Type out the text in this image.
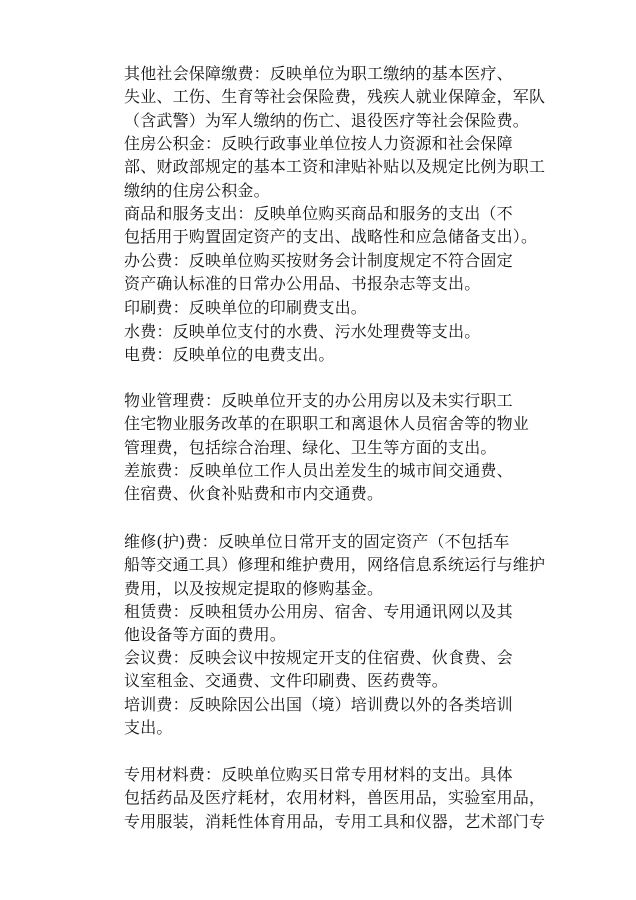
其他社会保障缴费：反映单位为职工缴纳的基本医疗、
失业、工伤、生育等社会保险费，残疾人就业保障金，军队
（含武警）为军人缴纳的伤亡、退役医疗等社会保险费。

住房公积金：反映行政事业单位按人力资源和社会保障
部、财政部规定的基本工资和津贴补贴以及规定比例为职工
缴纳的住房公积金。

商品和服务支出：反映单位购买商品和服务的支出（不
包括用于购置固定资产的支出、战略性和应急储备支出）。

办公费：反映单位购买按财务会计制度规定不符合固定
资产确认标准的日常办公用品、书报杂志等支出。

印刷费：反映单位的印刷费支出。

水费：反映单位支付的水费、污水处理费等支出。

电费：反映单位的电费支出。

物业管理费：反映单位开支的办公用房以及未实行职工
住宅物业服务改革的在职职工和离退休人员宿舍等的物业
管理费，包括综合治理、绿化、卫生等方面的支出。

差旅费：反映单位工作人员出差发生的城市间交通费、
住宿费、伙食补贴费和市内交通费。

维修(护)费：反映单位日常开支的固定资产（不包括车
船等交通工具）修理和维护费用，网络信息系统运行与维护
费用，以及按规定提取的修购基金。

租赁费：反映租赁办公用房、宿舍、专用通讯网以及其
他设备等方面的费用。

会议费：反映会议中按规定开支的住宿费、伙食费、会
议室租金、交通费、文件印刷费、医药费等。

培训费：反映除因公出国（境）培训费以外的各类培训
支出。

专用材料费：反映单位购买日常专用材料的支出。具体
包括药品及医疗耗材，农用材料，兽医用品，实验室用品，
专用服装，消耗性体育用品，专用工具和仪器，艺术部门专
